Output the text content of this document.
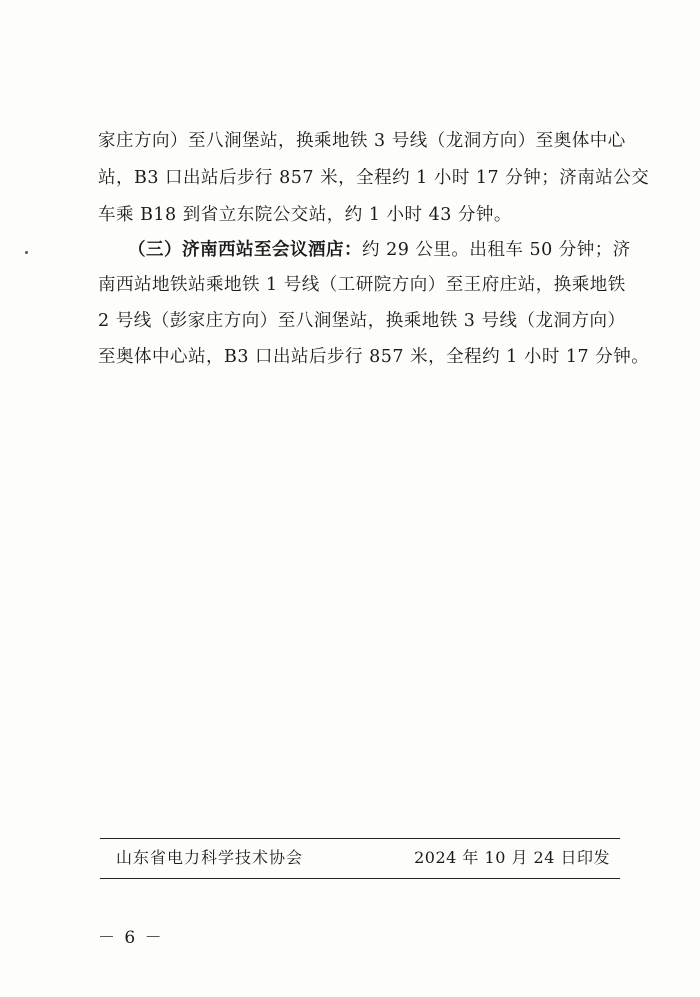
家庄方向）至八涧堡站，换乘地铁 3 号线（龙洞方向）至奥体中心
站，B3 口出站后步行 857 米，全程约 1 小时 17 分钟；济南站公交
车乘 B18 到省立东院公交站，约 1 小时 43 分钟。
（三）济南西站至会议酒店：约 29 公里。出租车 50 分钟；济
南西站地铁站乘地铁 1 号线（工研院方向）至王府庄站，换乘地铁
2 号线（彭家庄方向）至八涧堡站，换乘地铁 3 号线（龙洞方向）
至奥体中心站，B3 口出站后步行 857 米，全程约 1 小时 17 分钟。
山东省电力科学技术协会	2024 年 10 月 24 日印发
－ 6 －
